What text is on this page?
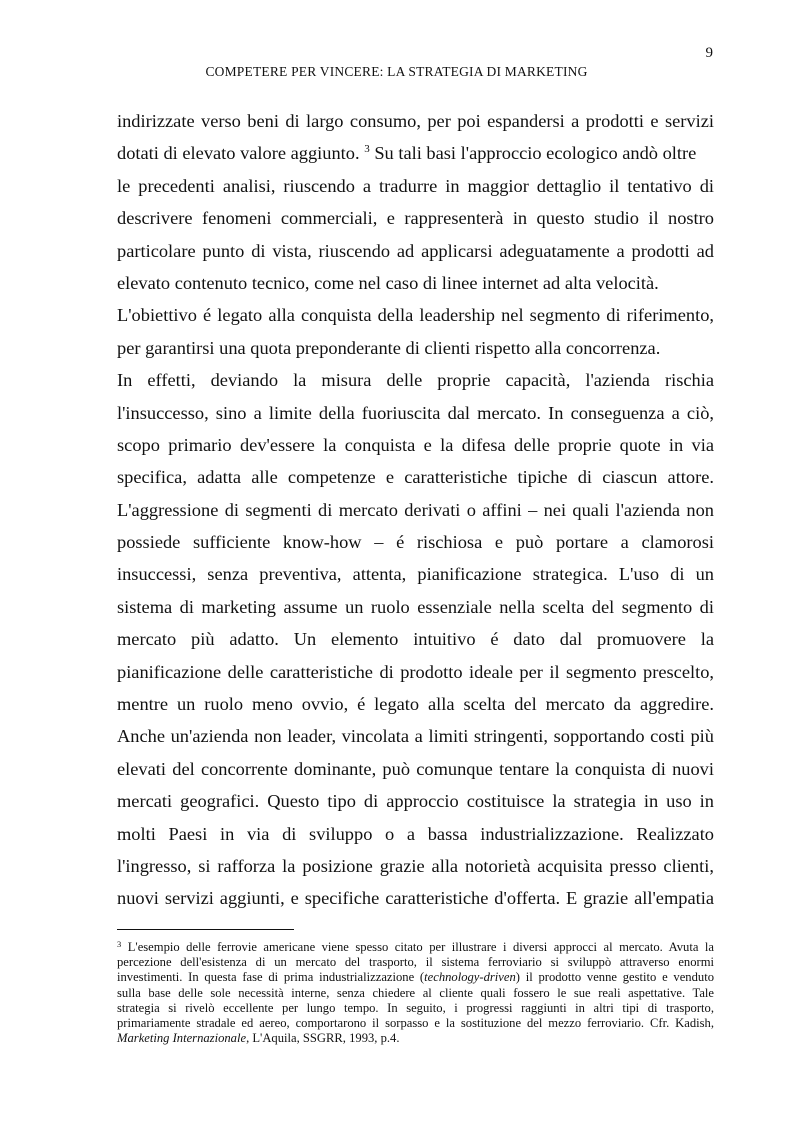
9
COMPETERE PER VINCERE: LA STRATEGIA DI MARKETING
indirizzate verso beni di largo consumo, per poi espandersi a prodotti e servizi
dotati di elevato valore aggiunto. $^3$ Su tali basi l'approccio ecologico andò oltre
le precedenti analisi, riuscendo a tradurre in maggior dettaglio il tentativo di
descrivere fenomeni commerciali, e rappresenterà in questo studio il nostro
particolare punto di vista, riuscendo ad applicarsi adeguatamente a prodotti ad
elevato contenuto tecnico, come nel caso di linee internet ad alta velocità.
L'obiettivo é legato alla conquista della leadership nel segmento di riferimento,
per garantirsi una quota preponderante di clienti rispetto alla concorrenza.
In effetti, deviando la misura delle proprie capacità, l'azienda rischia
l'insuccesso, sino a limite della fuoriuscita dal mercato. In conseguenza a ciò,
scopo primario dev'essere la conquista e la difesa delle proprie quote in via
specifica, adatta alle competenze e caratteristiche tipiche di ciascun attore.
L'aggressione di segmenti di mercato derivati o affini – nei quali l'azienda non
possiede sufficiente know-how – é rischiosa e può portare a clamorosi
insuccessi, senza preventiva, attenta, pianificazione strategica. L'uso di un
sistema di marketing assume un ruolo essenziale nella scelta del segmento di
mercato più adatto. Un elemento intuitivo é dato dal promuovere la
pianificazione delle caratteristiche di prodotto ideale per il segmento prescelto,
mentre un ruolo meno ovvio, é legato alla scelta del mercato da aggredire.
Anche un'azienda non leader, vincolata a limiti stringenti, sopportando costi più
elevati del concorrente dominante, può comunque tentare la conquista di nuovi
mercati geografici. Questo tipo di approccio costituisce la strategia in uso in
molti Paesi in via di sviluppo o a bassa industrializzazione. Realizzato
l'ingresso, si rafforza la posizione grazie alla notorietà acquisita presso clienti,
nuovi servizi aggiunti, e specifiche caratteristiche d'offerta. E grazie all'empatia
$^3$ L'esempio delle ferrovie americane viene spesso citato per illustrare i diversi approcci al mercato. Avuta la
percezione dell'esistenza di un mercato del trasporto, il sistema ferroviario si sviluppò attraverso enormi
investimenti. In questa fase di prima industrializzazione (technology-driven) il prodotto venne gestito e venduto
sulla base delle sole necessità interne, senza chiedere al cliente quali fossero le sue reali aspettative. Tale
strategia si rivelò eccellente per lungo tempo. In seguito, i progressi raggiunti in altri tipi di trasporto,
primariamente stradale ed aereo, comportarono il sorpasso e la sostituzione del mezzo ferroviario. Cfr. Kadish,
Marketing Internazionale, L'Aquila, SSGRR, 1993, p.4.
